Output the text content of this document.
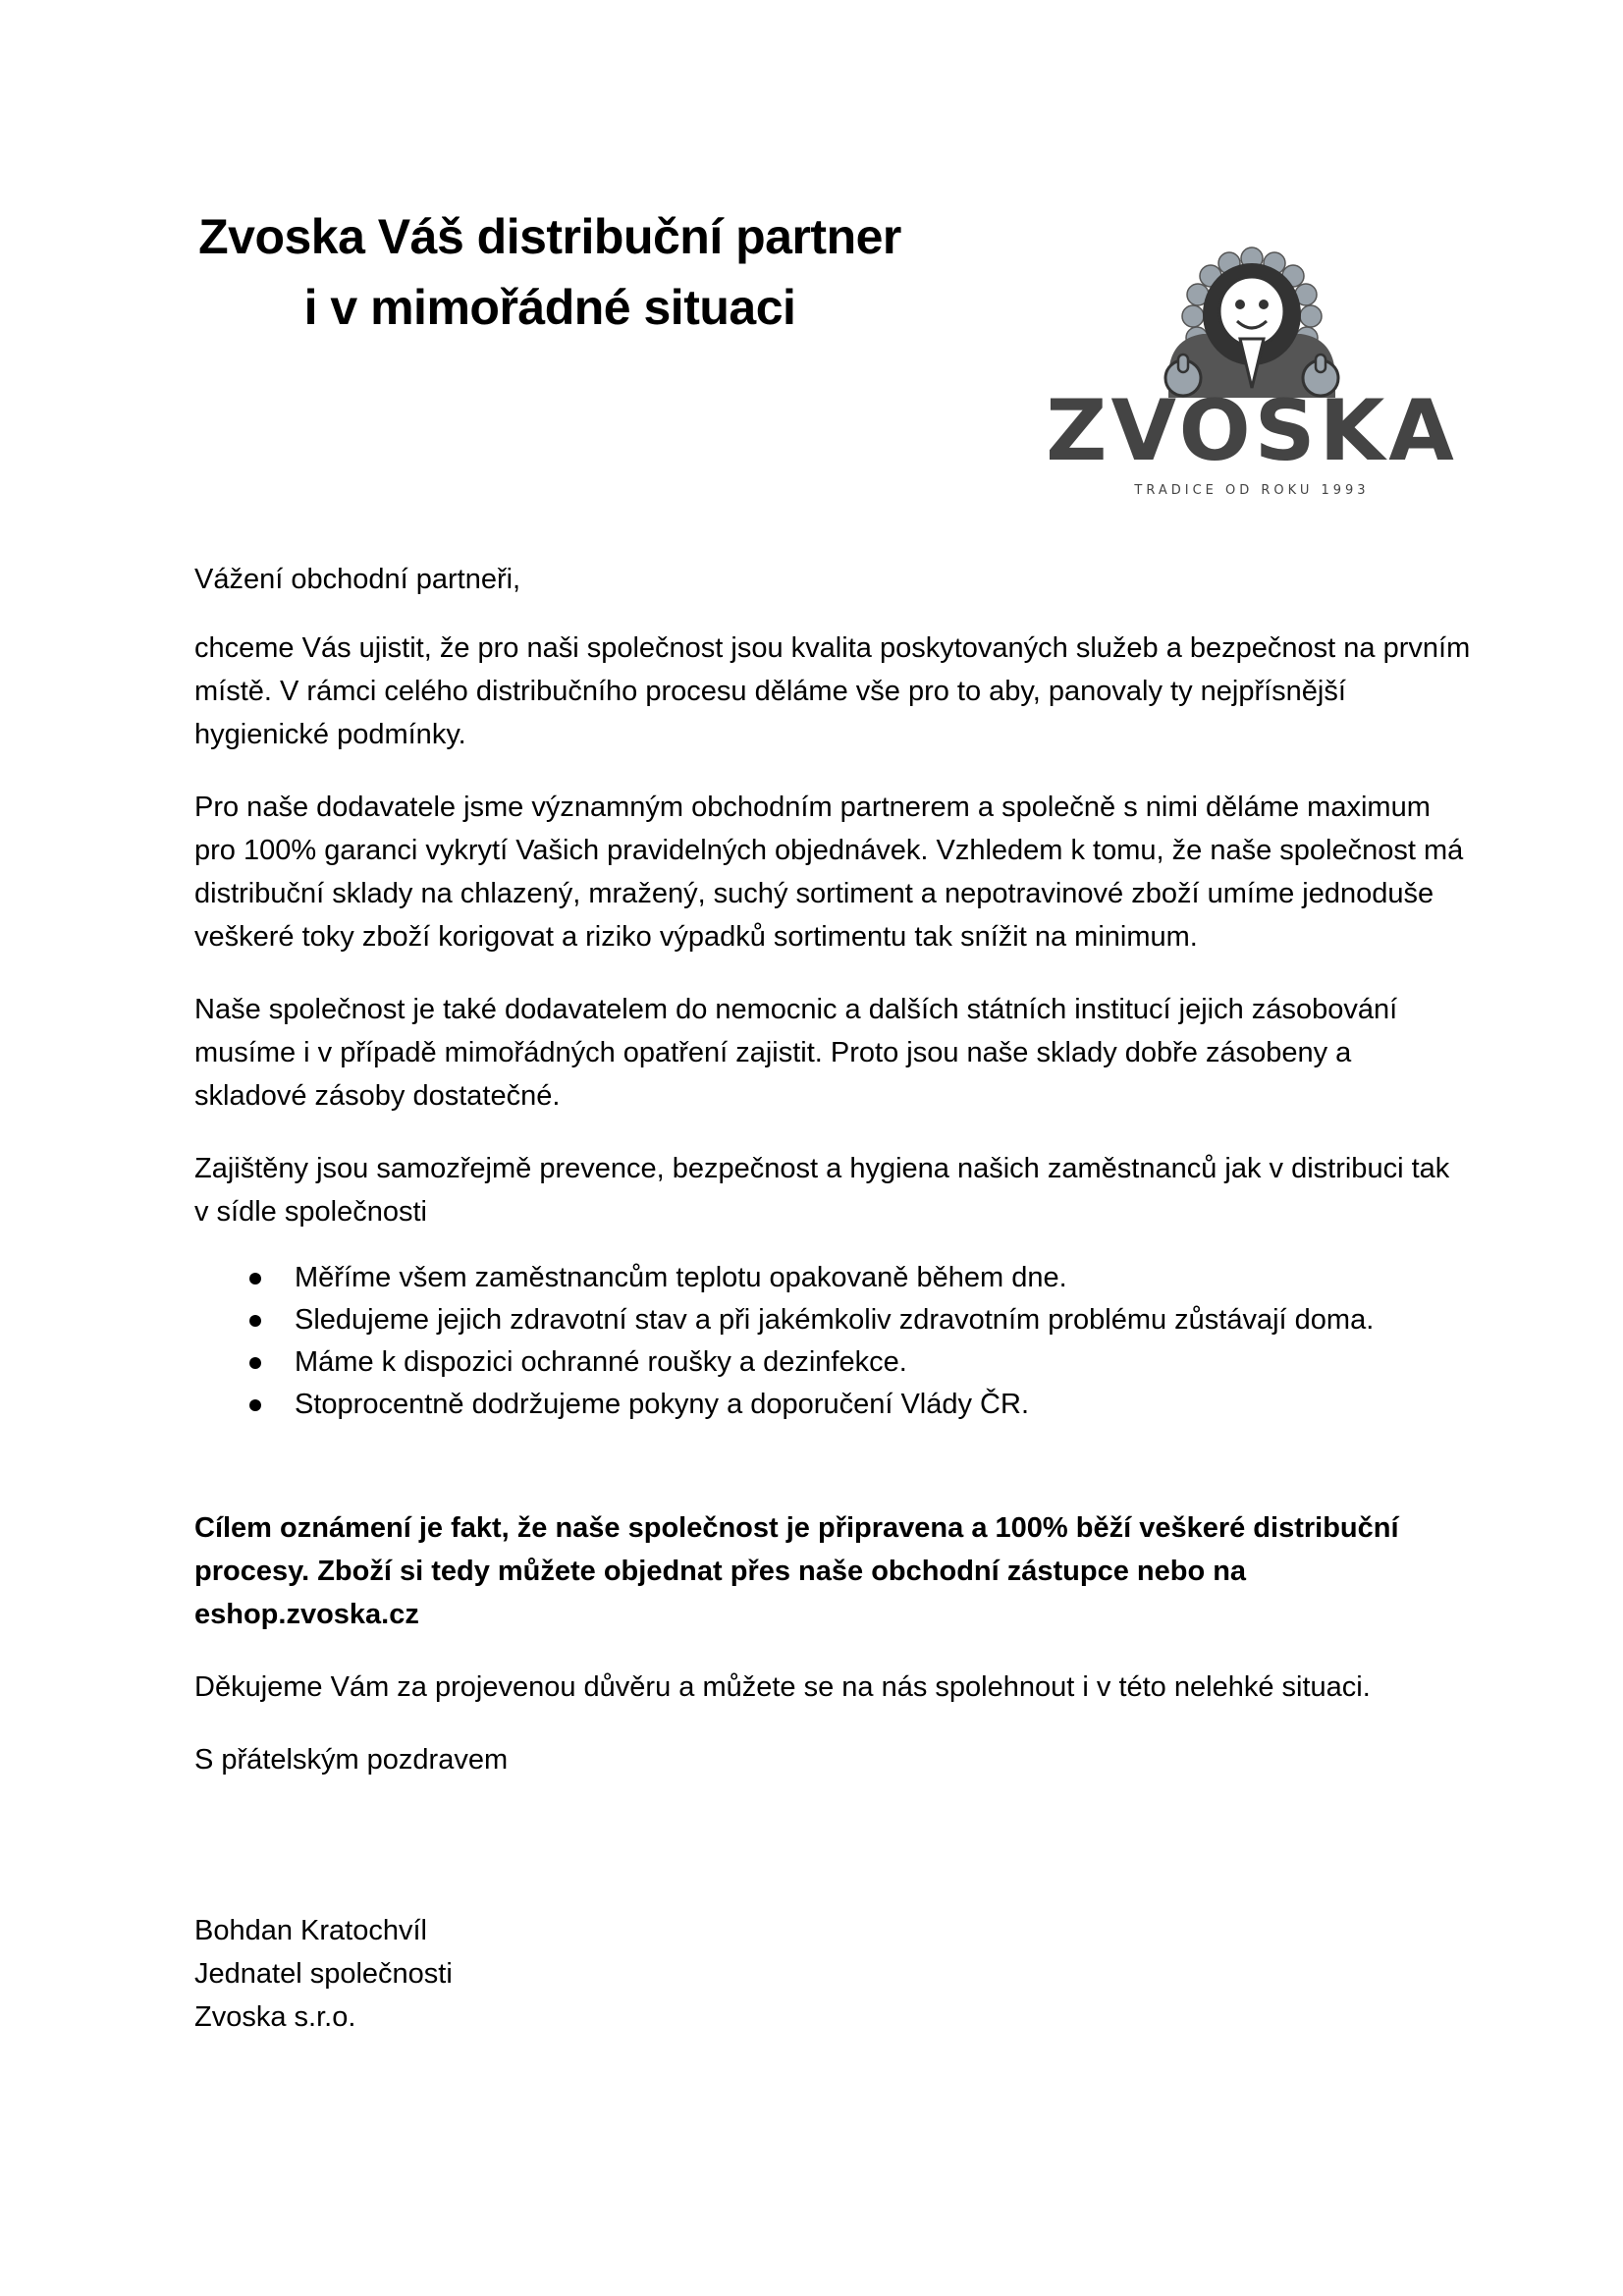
Zvoska Váš distribuční partner
i v mimořádné situaci
ZVOSKA
TRADICE OD ROKU 1993

Vážení obchodní partneři,

chceme Vás ujistit, že pro naši společnost jsou kvalita poskytovaných služeb a bezpečnost na prvním místě. V rámci celého distribučního procesu děláme vše pro to aby, panovaly ty nejpřísnější hygienické podmínky.

Pro naše dodavatele jsme významným obchodním partnerem a společně s nimi děláme maximum pro 100% garanci vykrytí Vašich pravidelných objednávek. Vzhledem k tomu, že naše společnost má distribuční sklady na chlazený, mražený, suchý sortiment a nepotravinové zboží umíme jednoduše veškeré toky zboží korigovat a riziko výpadků sortimentu tak snížit na minimum.

Naše společnost je také dodavatelem do nemocnic a dalších státních institucí jejich zásobování musíme i v případě mimořádných opatření zajistit. Proto jsou naše sklady dobře zásobeny a skladové zásoby dostatečné.

Zajištěny jsou samozřejmě prevence, bezpečnost a hygiena našich zaměstnanců jak v distribuci tak v sídle společnosti

Měříme všem zaměstnancům teplotu opakovaně během dne.
Sledujeme jejich zdravotní stav a při jakémkoliv zdravotním problému zůstávají doma.
Máme k dispozici ochranné roušky a dezinfekce.
Stoprocentně dodržujeme pokyny a doporučení Vlády ČR.

Cílem oznámení je fakt, že naše společnost je připravena a 100% běží veškeré distribuční procesy. Zboží si tedy můžete objednat přes naše obchodní zástupce nebo na eshop.zvoska.cz

Děkujeme Vám za projevenou důvěru a můžete se na nás spolehnout i v této nelehké situaci.

S přátelským pozdravem

Bohdan Kratochvíl

Jednatel společnosti

Zvoska s.r.o.
